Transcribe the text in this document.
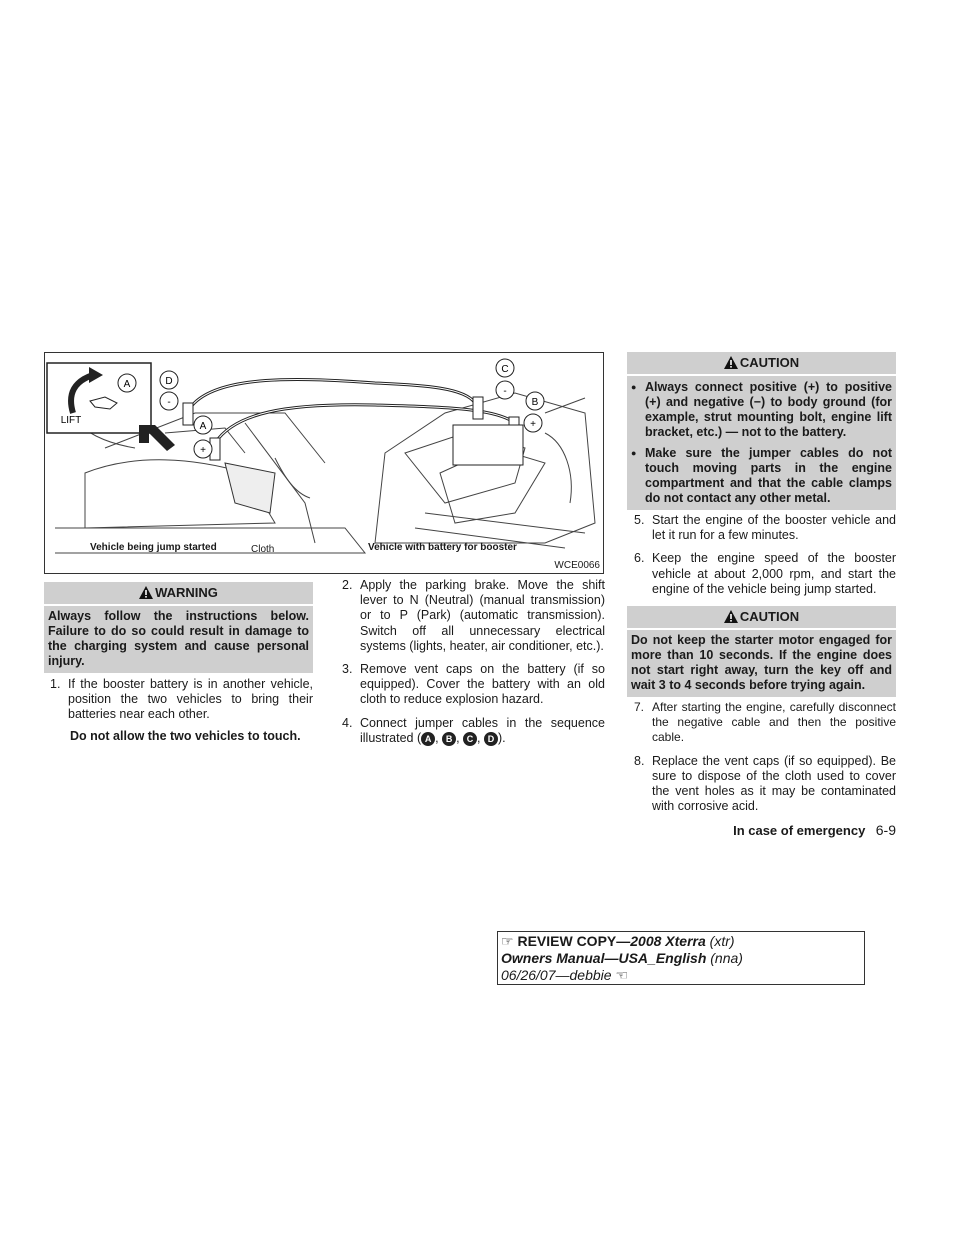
A	D
-
A
+
C
-
B
+
LIFT
Vehicle being jump started	Cloth	Vehicle with battery for booster
WCE0066
WARNING
Always follow the instructions below. Failure to do so could result in damage to the charging system and cause personal injury.
1. If the booster battery is in another vehicle, position the two vehicles to bring their batteries near each other.
Do not allow the two vehicles to touch.
2. Apply the parking brake. Move the shift lever to N (Neutral) (manual transmission) or to P (Park) (automatic transmission). Switch off all unnecessary electrical systems (lights, heater, air conditioner, etc.).
3. Remove vent caps on the battery (if so equipped). Cover the battery with an old cloth to reduce explosion hazard.
4. Connect jumper cables in the sequence illustrated ( A , B , C , D ).
CAUTION
● Always connect positive (+) to positive (+) and negative (−) to body ground (for example, strut mounting bolt, engine lift bracket, etc.) — not to the battery.
● Make sure the jumper cables do not touch moving parts in the engine compartment and that the cable clamps do not contact any other metal.
5. Start the engine of the booster vehicle and let it run for a few minutes.
6. Keep the engine speed of the booster vehicle at about 2,000 rpm, and start the engine of the vehicle being jump started.
CAUTION
Do not keep the starter motor engaged for more than 10 seconds. If the engine does not start right away, turn the key off and wait 3 to 4 seconds before trying again.
7. After starting the engine, carefully disconnect the negative cable and then the positive cable.
8. Replace the vent caps (if so equipped). Be sure to dispose of the cloth used to cover the vent holes as it may be contaminated with corrosive acid.
In case of emergency 6-9
☞ REVIEW COPY—2008 Xterra (xtr)
Owners Manual—USA_English (nna)
06/26/07—debbie ☜
